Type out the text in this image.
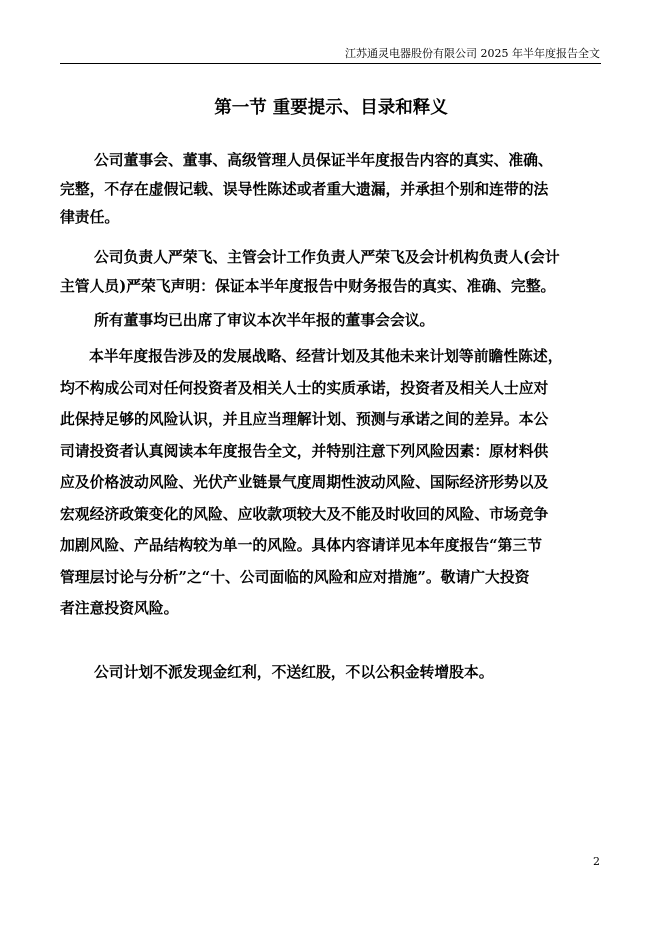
江苏通灵电器股份有限公司 2025 年半年度报告全文
第一节 重要提示、目录和释义

公司董事会、董事、高级管理人员保证半年度报告内容的真实、准确、
完整，不存在虚假记载、误导性陈述或者重大遗漏，并承担个别和连带的法
律责任。

公司负责人严荣飞、主管会计工作负责人严荣飞及会计机构负责人(会计
主管人员)严荣飞声明：保证本半年度报告中财务报告的真实、准确、完整。

所有董事均已出席了审议本次半年报的董事会会议。

本半年度报告涉及的发展战略、经营计划及其他未来计划等前瞻性陈述，
均不构成公司对任何投资者及相关人士的实质承诺，投资者及相关人士应对
此保持足够的风险认识，并且应当理解计划、预测与承诺之间的差异。本公
司请投资者认真阅读本年度报告全文，并特别注意下列风险因素：原材料供
应及价格波动风险、光伏产业链景气度周期性波动风险、国际经济形势以及
宏观经济政策变化的风险、应收款项较大及不能及时收回的风险、市场竞争
加剧风险、产品结构较为单一的风险。具体内容请详见本年度报告“第三节
管理层讨论与分析”之“十、公司面临的风险和应对措施”。敬请广大投资
者注意投资风险。

公司计划不派发现金红利，不送红股，不以公积金转增股本。

2
